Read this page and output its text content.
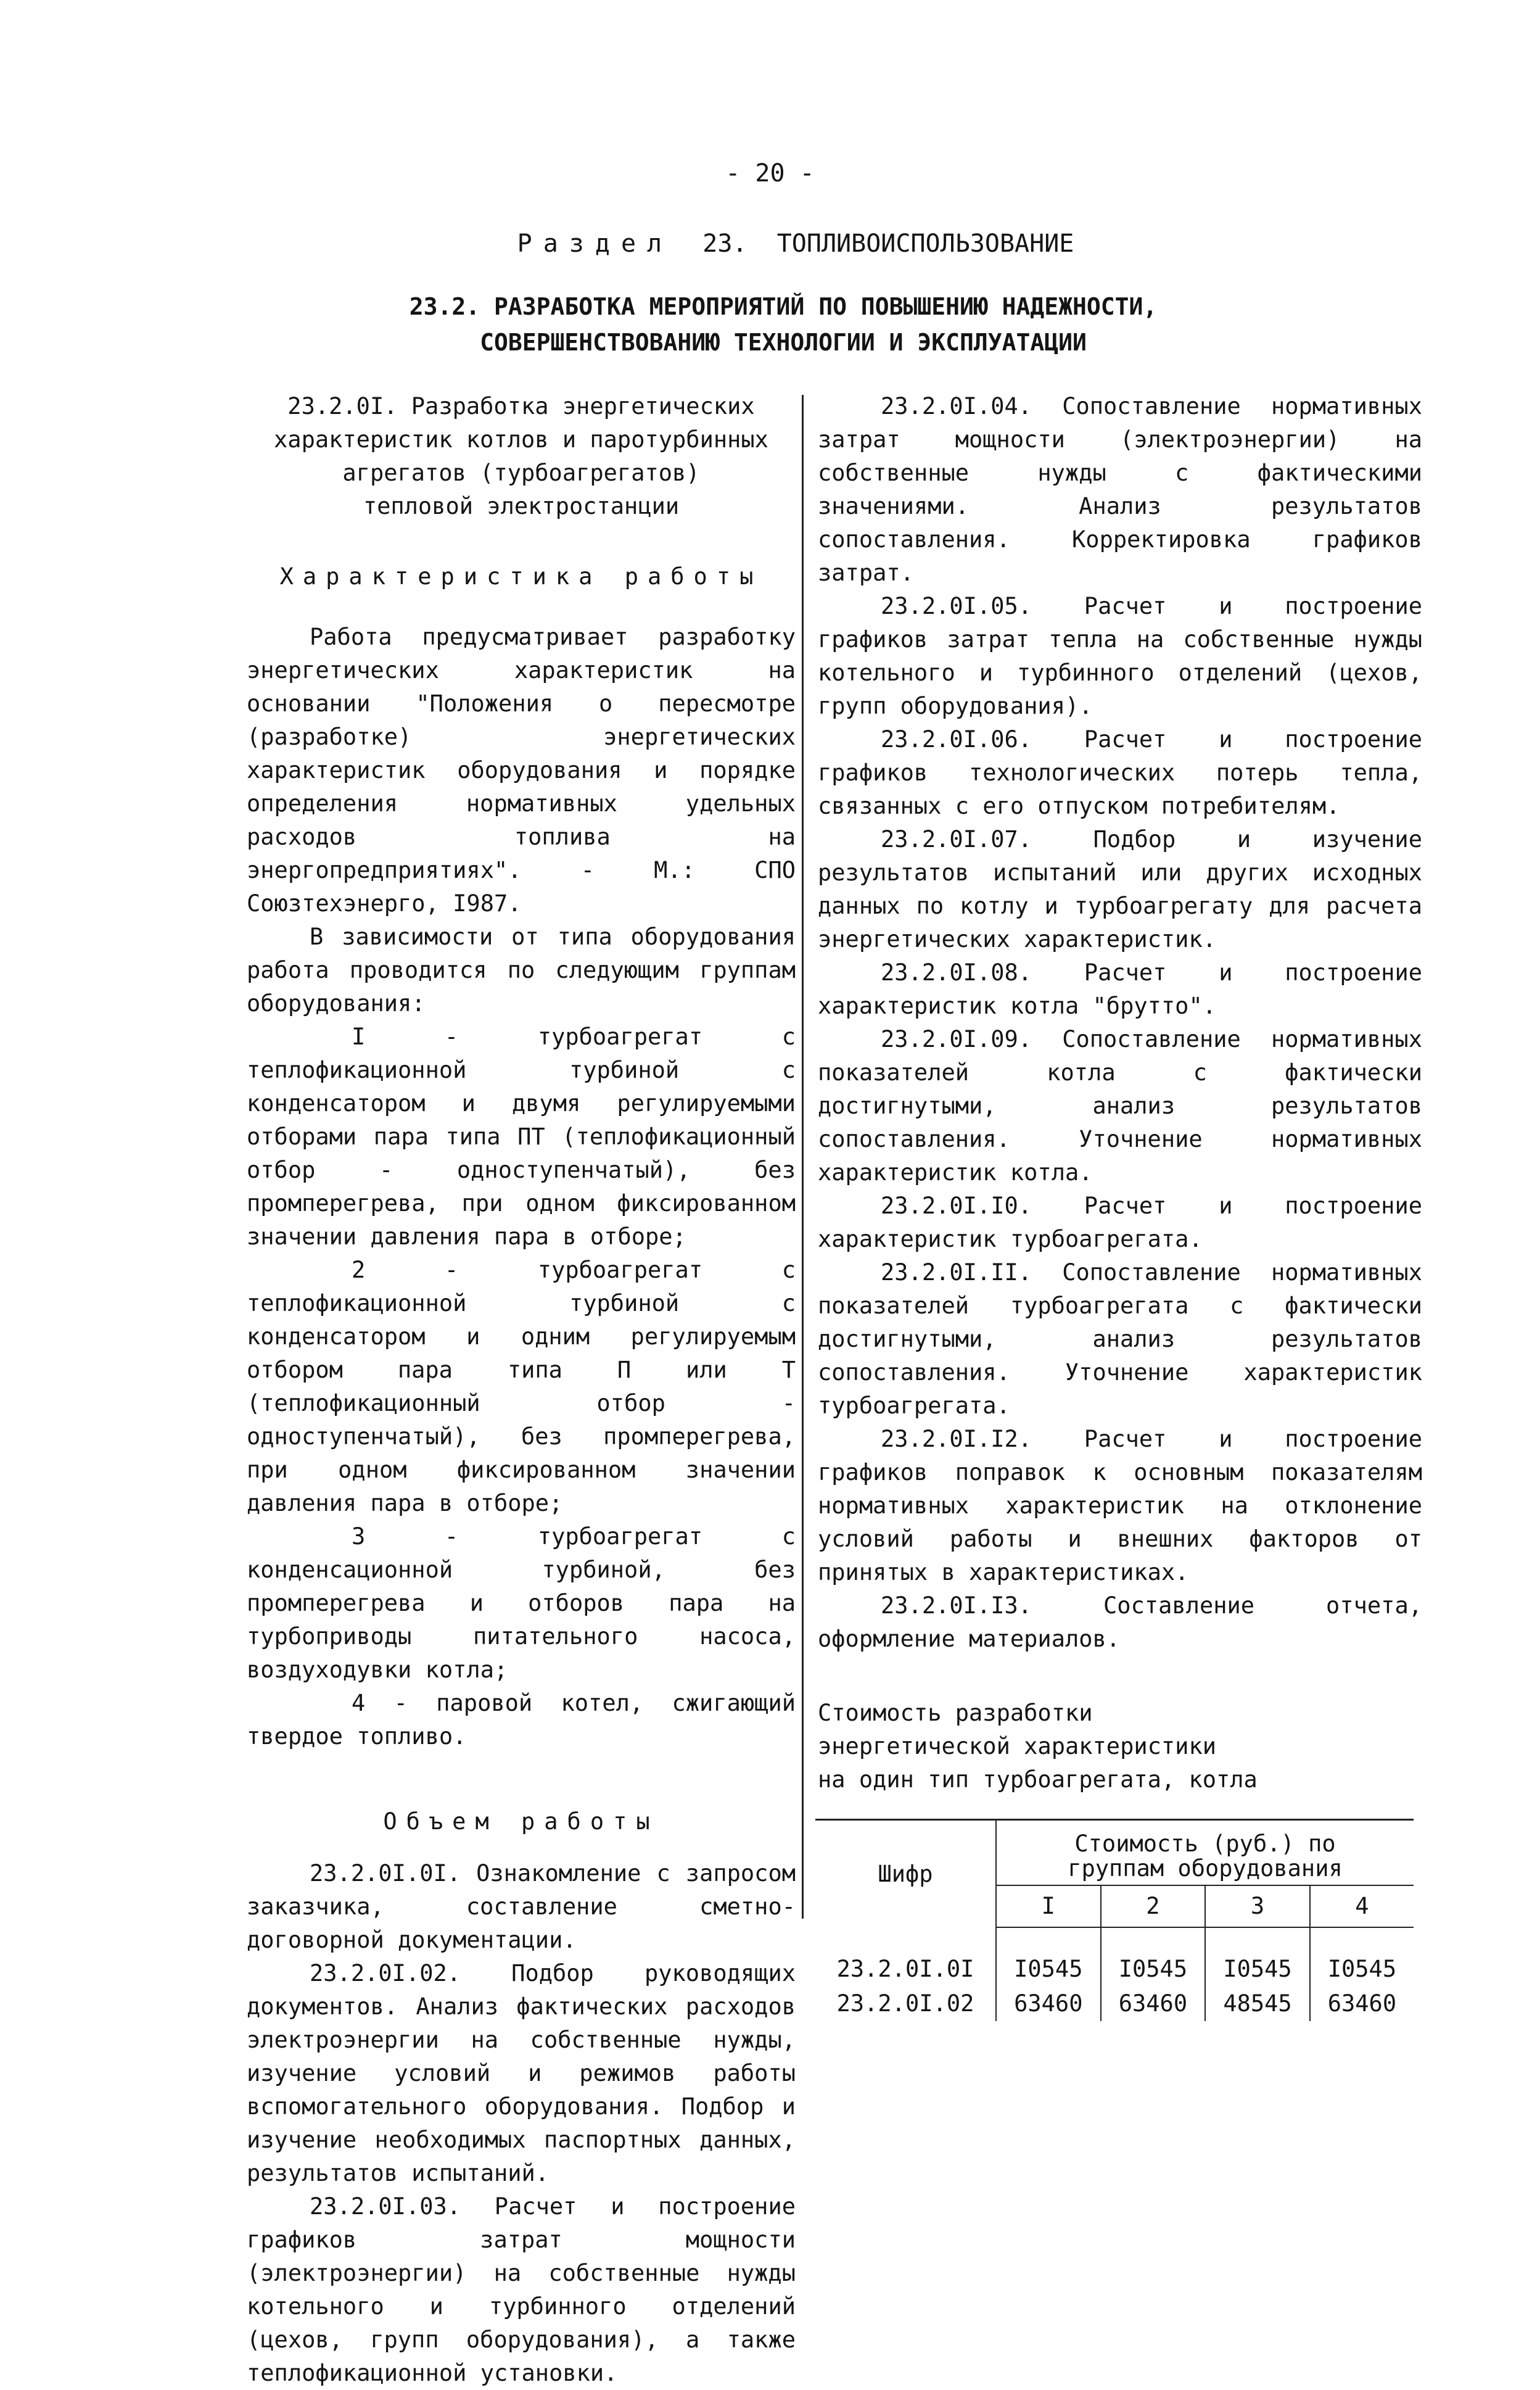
- 20 -
Раздел 23. ТОПЛИВОИСПОЛЬЗОВАНИЕ
23.2. РАЗРАБОТКА МЕРОПРИЯТИЙ ПО ПОВЫШЕНИЮ НАДЕЖНОСТИ,
СОВЕРШЕНСТВОВАНИЮ ТЕХНОЛОГИИ И ЭКСПЛУАТАЦИИ

23.2.0I. Разработка энергетических

характеристик котлов и паротурбинных

агрегатов (турбоагрегатов)

тепловой электростанции

Характеристика работы

Работа предусматривает разработку энергетических характеристик на основании "Положения о пересмотре (разработке) энергетических характеристик оборудования и порядке определения нормативных удельных расходов топлива на энергопредприятиях". - М.: СПО Союзтехэнерго, I987.

В зависимости от типа оборудования работа проводится по следующим группам оборудования:

I - турбоагрегат с теплофикационной турбиной с конденсатором и двумя регулируемыми отборами пара типа ПТ (теплофикационный отбор - одноступенчатый), без промперегрева, при одном фиксированном значении давления пара в отборе;

2 - турбоагрегат с теплофикационной турбиной с конденсатором и одним регулируемым отбором пара типа П или Т (теплофикационный отбор - одноступенчатый), без промперегрева, при одном фиксированном значении давления пара в отборе;

3 - турбоагрегат с конденсационной турбиной, без промперегрева и отборов пара на турбоприводы питательного насоса, воздуходувки котла;

4 - паровой котел, сжигающий твердое топливо.

Объем работы

23.2.0I.0I. Ознакомление с запросом заказчика, составление сметно-договорной документации.

23.2.0I.02. Подбор руководящих документов. Анализ фактических расходов электроэнергии на собственные нужды, изучение условий и режимов работы вспомогательного оборудования. Подбор и изучение необходимых паспортных данных, результатов испытаний.

23.2.0I.03. Расчет и построение графиков затрат мощности (электроэнергии) на собственные нужды котельного и турбинного отделений (цехов, групп оборудования), а также теплофикационной установки.

23.2.0I.04. Сопоставление нормативных затрат мощности (электроэнергии) на собственные нужды с фактическими значениями. Анализ результатов сопоставления. Корректировка графиков затрат.

23.2.0I.05. Расчет и построение графиков затрат тепла на собственные нужды котельного и турбинного отделений (цехов, групп оборудования).

23.2.0I.06. Расчет и построение графиков технологических потерь тепла, связанных с его отпуском потребителям.

23.2.0I.07. Подбор и изучение результатов испытаний или других исходных данных по котлу и турбоагрегату для расчета энергетических характеристик.

23.2.0I.08. Расчет и построение характеристик котла "брутто".

23.2.0I.09. Сопоставление нормативных показателей котла с фактически достигнутыми, анализ результатов сопоставления. Уточнение нормативных характеристик котла.

23.2.0I.I0. Расчет и построение характеристик турбоагрегата.

23.2.0I.II. Сопоставление нормативных показателей турбоагрегата с фактически достигнутыми, анализ результатов сопоставления. Уточнение характеристик турбоагрегата.

23.2.0I.I2. Расчет и построение графиков поправок к основным показателям нормативных характеристик на отклонение условий работы и внешних факторов от принятых в характеристиках.

23.2.0I.I3. Составление отчета, оформление материалов.

Стоимость разработки

энергетической характеристики

на один тип турбоагрегата, котла

Шифр	Стоимость (руб.) по
группам оборудования			

	I	2	3	4
23.2.0I.0I	I0545	I0545	I0545	I0545
23.2.0I.02	63460	63460	48545	63460
